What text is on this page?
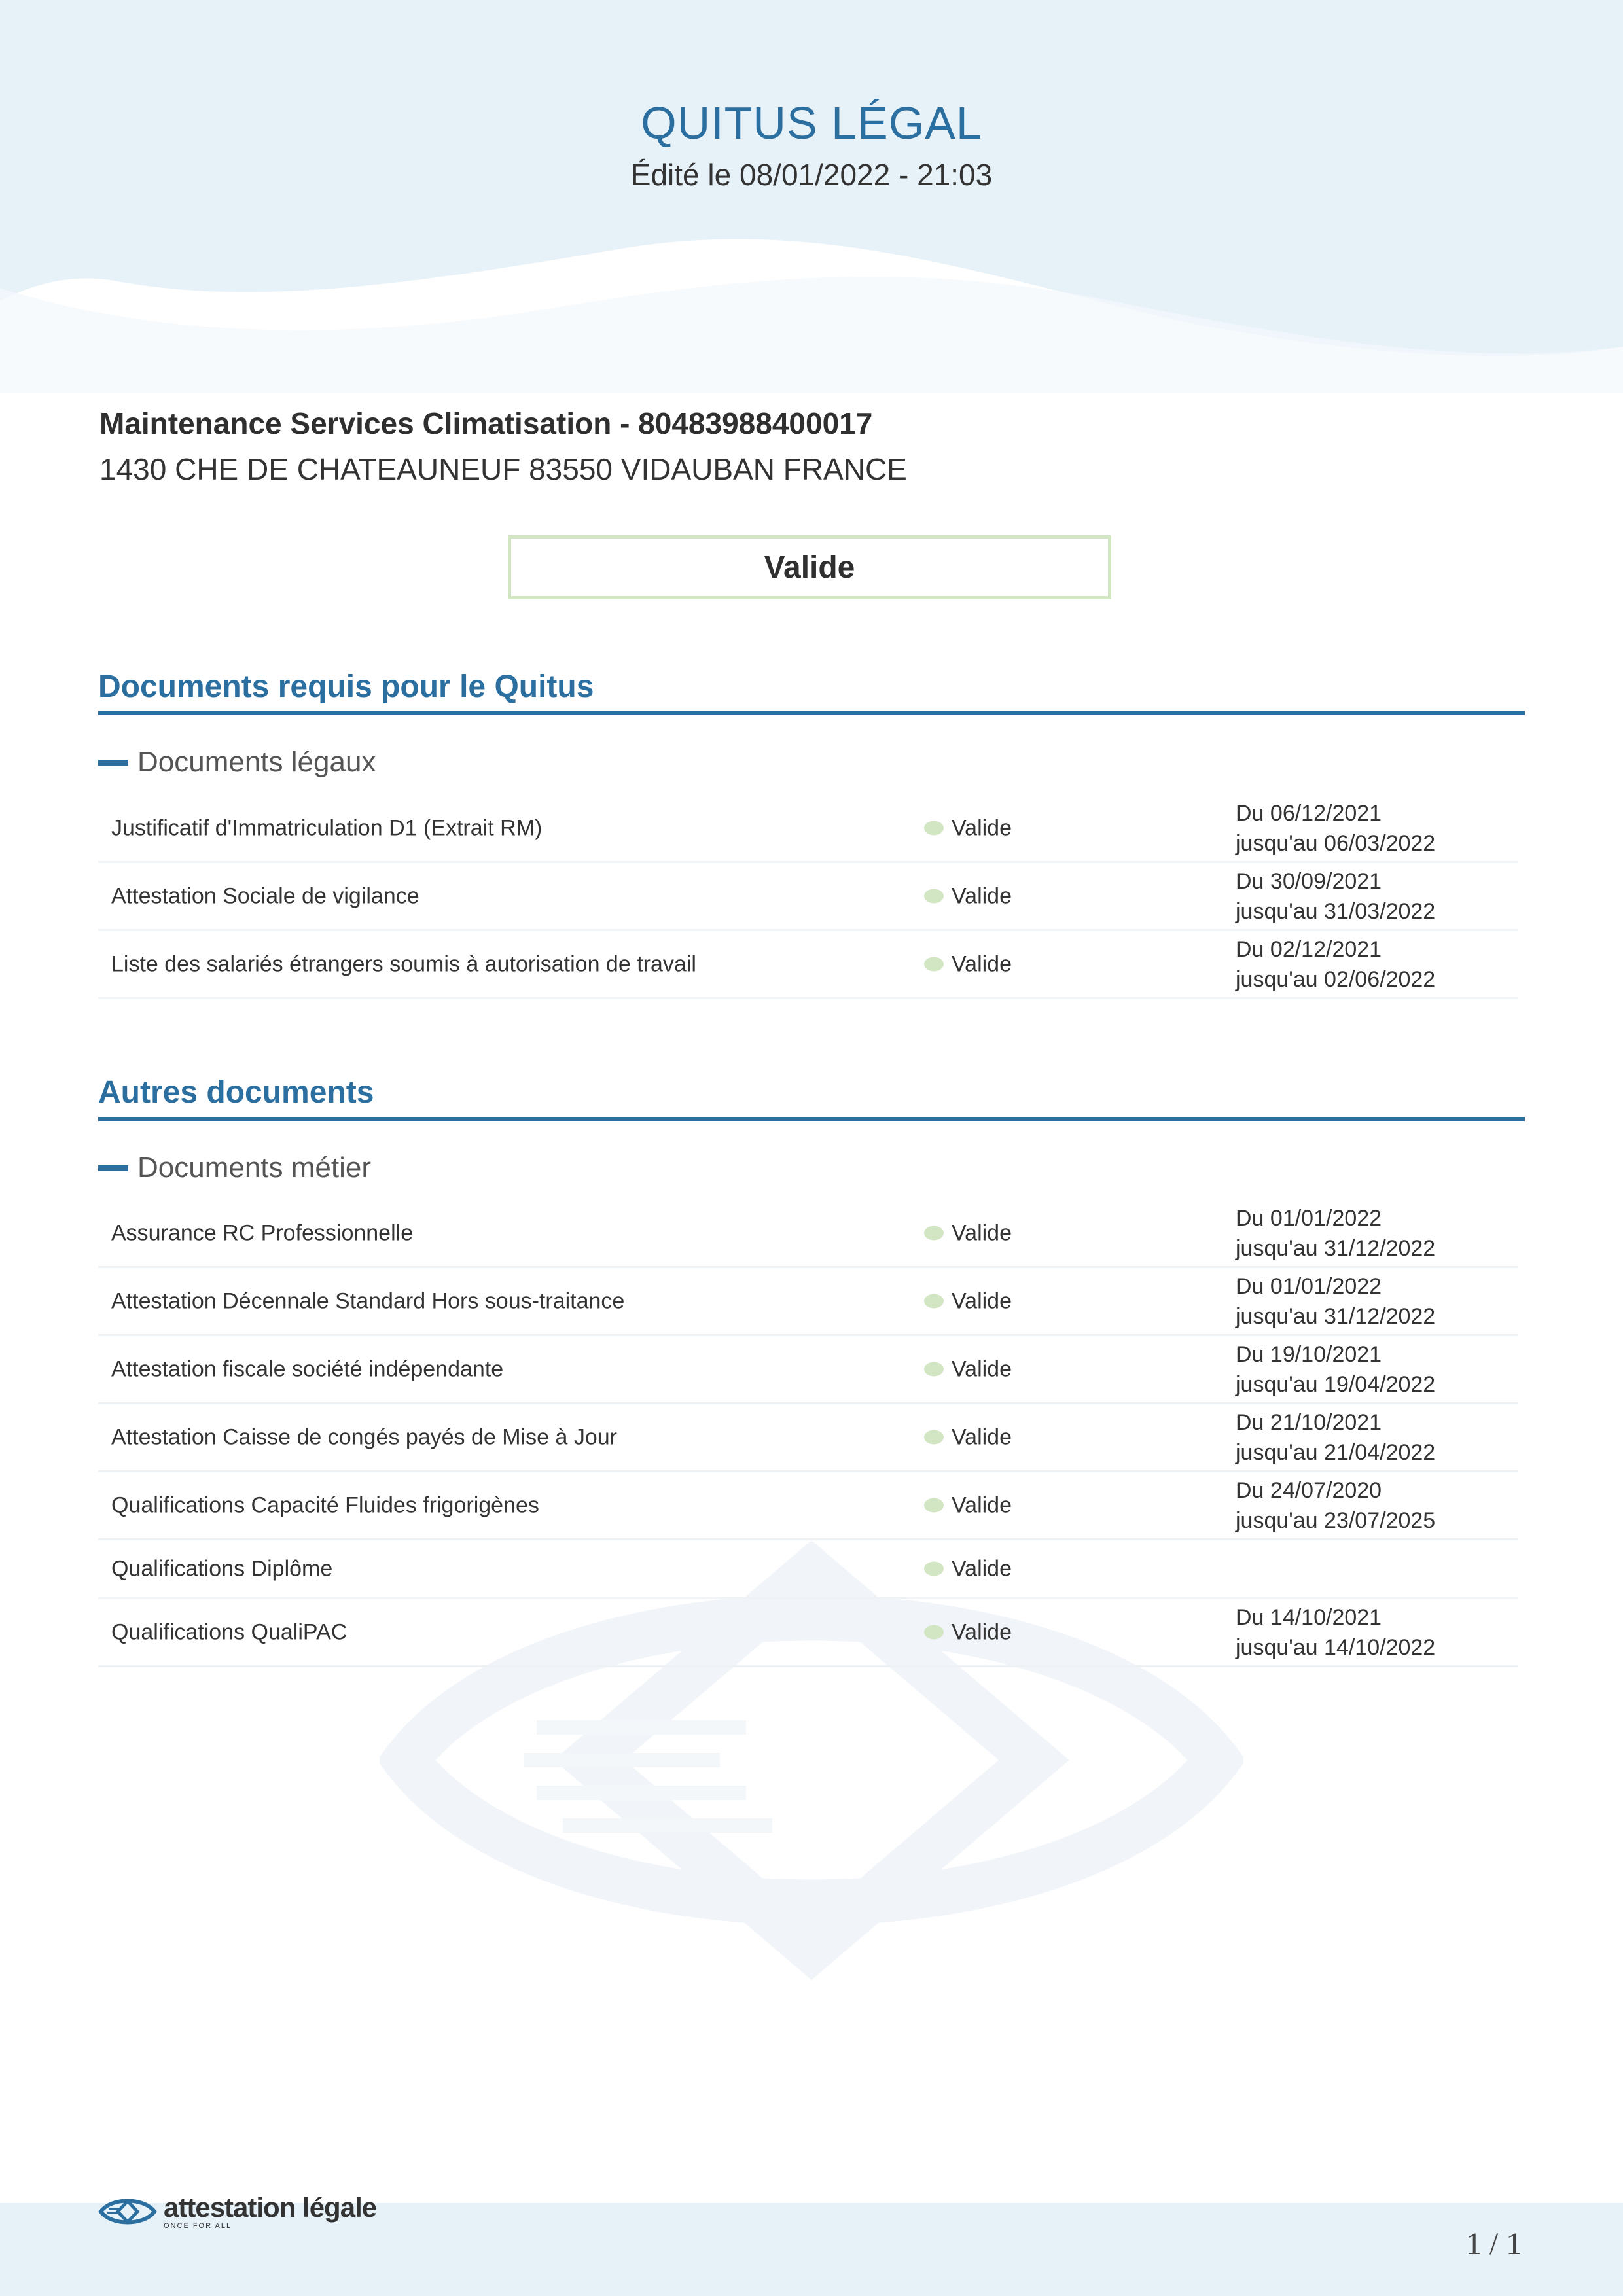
QUITUS LÉGAL
Édité le 08/01/2022 - 21:03
Maintenance Services Climatisation - 80483988400017
1430 CHE DE CHATEAUNEUF 83550 VIDAUBAN FRANCE
Valide
Documents requis pour le Quitus
Documents légaux
Justificatif d'Immatriculation D1 (Extrait RM)	Valide
Du 06/12/2021
jusqu'au 06/03/2022
Attestation Sociale de vigilance	Valide
Du 30/09/2021
jusqu'au 31/03/2022
Liste des salariés étrangers soumis à autorisation de travail	Valide
Du 02/12/2021
jusqu'au 02/06/2022
Autres documents
Documents métier
Assurance RC Professionnelle	Valide
Du 01/01/2022
jusqu'au 31/12/2022
Attestation Décennale Standard Hors sous-traitance	Valide
Du 01/01/2022
jusqu'au 31/12/2022
Attestation fiscale société indépendante	Valide
Du 19/10/2021
jusqu'au 19/04/2022
Attestation Caisse de congés payés de Mise à Jour	Valide
Du 21/10/2021
jusqu'au 21/04/2022
Qualifications Capacité Fluides frigorigènes	Valide
Du 24/07/2020
jusqu'au 23/07/2025
Qualifications Diplôme	Valide
Qualifications QualiPAC	Valide
Du 14/10/2021
jusqu'au 14/10/2022
attestation légale
ONCE FOR ALL
1 / 1
